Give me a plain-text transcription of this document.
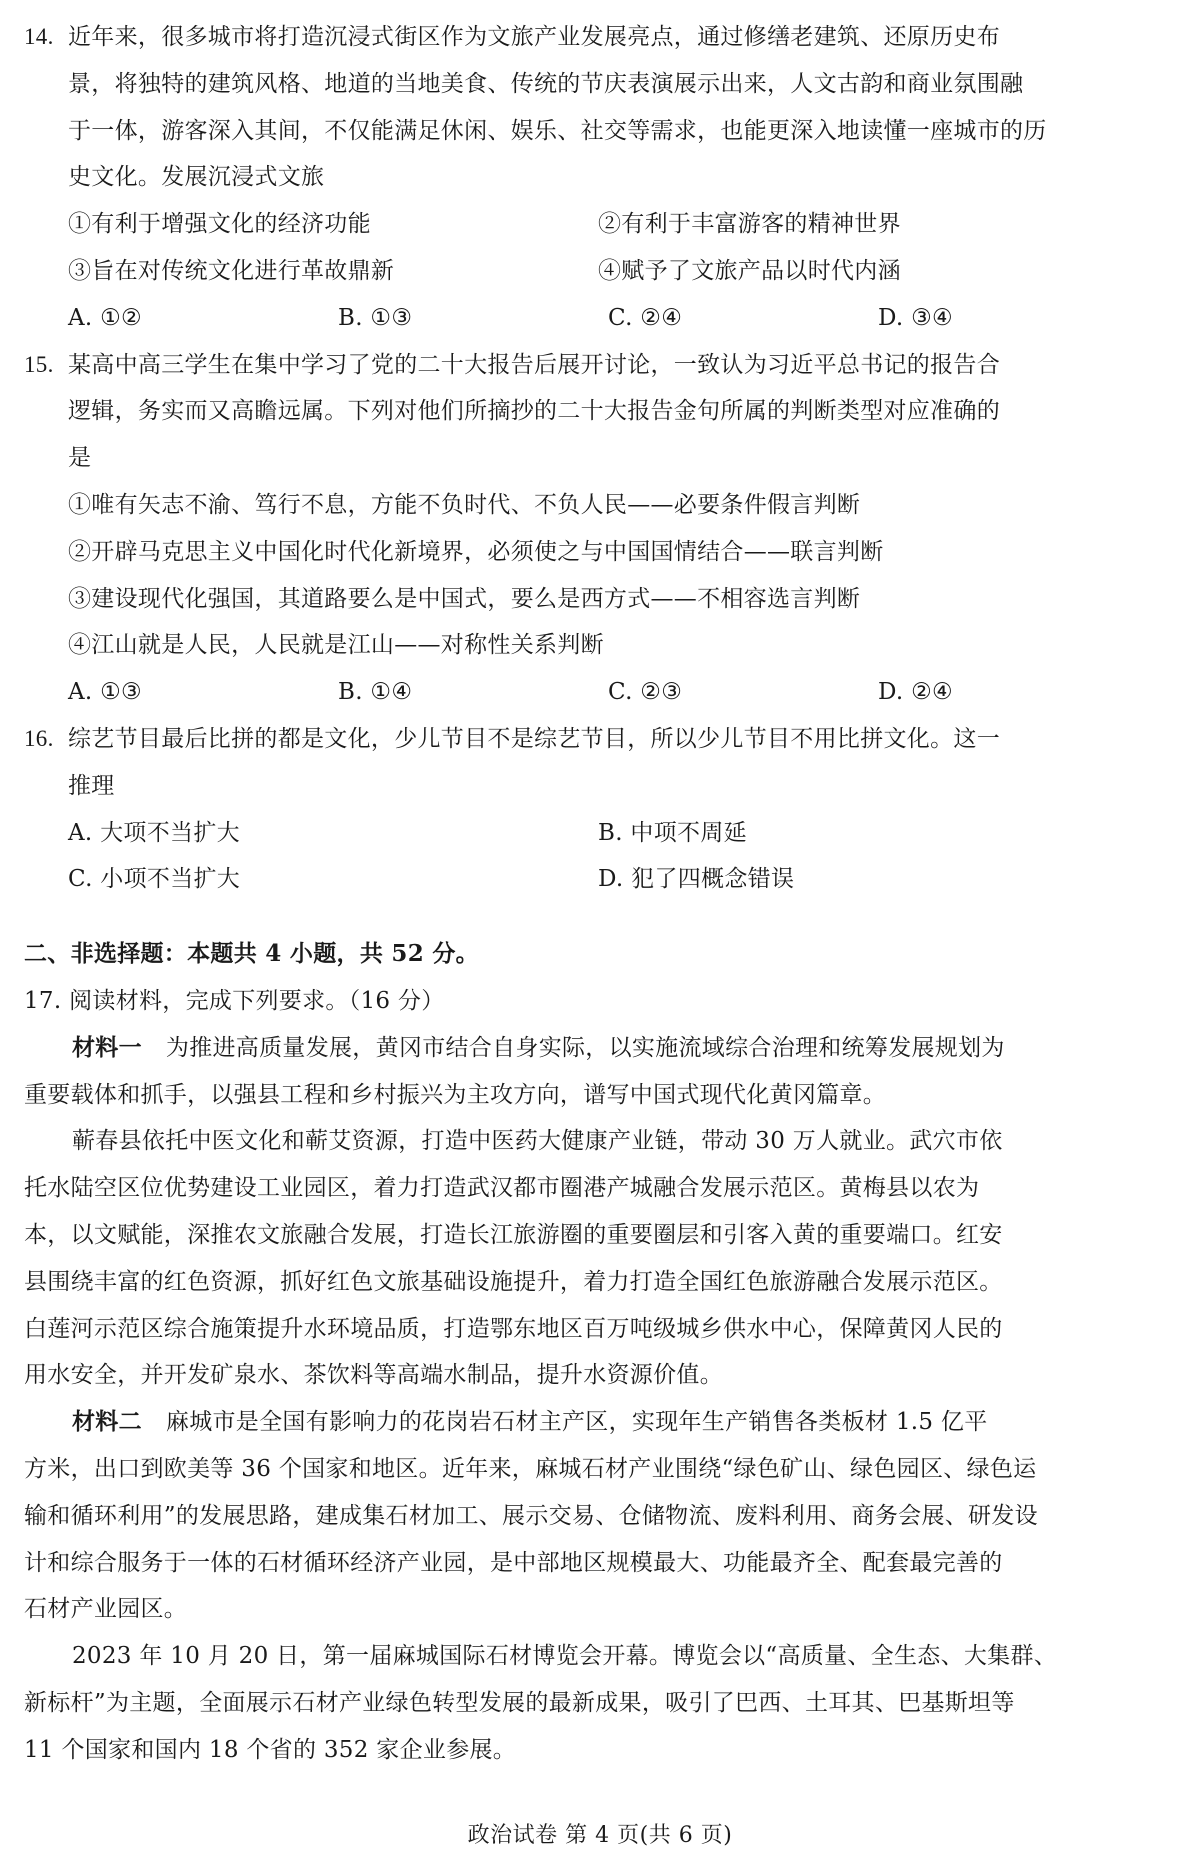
14. 近年来，很多城市将打造沉浸式街区作为文旅产业发展亮点，通过修缮老建筑、还原历史布
景，将独特的建筑风格、地道的当地美食、传统的节庆表演展示出来，人文古韵和商业氛围融
于一体，游客深入其间，不仅能满足休闲、娱乐、社交等需求，也能更深入地读懂一座城市的历
史文化。发展沉浸式文旅
①有利于增强文化的经济功能	②有利于丰富游客的精神世界
③旨在对传统文化进行革故鼎新	④赋予了文旅产品以时代内涵
A. ①②	B. ①③	C. ②④	D. ③④
15. 某高中高三学生在集中学习了党的二十大报告后展开讨论，一致认为习近平总书记的报告合
逻辑，务实而又高瞻远属。下列对他们所摘抄的二十大报告金句所属的判断类型对应准确的
是
①唯有矢志不渝、笃行不息，方能不负时代、不负人民——必要条件假言判断
②开辟马克思主义中国化时代化新境界，必须使之与中国国情结合——联言判断
③建设现代化强国，其道路要么是中国式，要么是西方式——不相容选言判断
④江山就是人民，人民就是江山——对称性关系判断
A. ①③	B. ①④	C. ②③	D. ②④
16. 综艺节目最后比拼的都是文化，少儿节目不是综艺节目，所以少儿节目不用比拼文化。这一
推理
A. 大项不当扩大	B. 中项不周延
C. 小项不当扩大	D. 犯了四概念错误
二、非选择题：本题共 4 小题，共 52 分。
17. 阅读材料，完成下列要求。（16 分）
材料一 为推进高质量发展，黄冈市结合自身实际，以实施流域综合治理和统筹发展规划为
重要载体和抓手，以强县工程和乡村振兴为主攻方向，谱写中国式现代化黄冈篇章。
蕲春县依托中医文化和蕲艾资源，打造中医药大健康产业链，带动 30 万人就业。武穴市依
托水陆空区位优势建设工业园区，着力打造武汉都市圈港产城融合发展示范区。黄梅县以农为
本，以文赋能，深推农文旅融合发展，打造长江旅游圈的重要圈层和引客入黄的重要端口。红安
县围绕丰富的红色资源，抓好红色文旅基础设施提升，着力打造全国红色旅游融合发展示范区。
白莲河示范区综合施策提升水环境品质，打造鄂东地区百万吨级城乡供水中心，保障黄冈人民的
用水安全，并开发矿泉水、茶饮料等高端水制品，提升水资源价值。
材料二 麻城市是全国有影响力的花岗岩石材主产区，实现年生产销售各类板材 1.5 亿平
方米，出口到欧美等 36 个国家和地区。近年来，麻城石材产业围绕“绿色矿山、绿色园区、绿色运
输和循环利用”的发展思路，建成集石材加工、展示交易、仓储物流、废料利用、商务会展、研发设
计和综合服务于一体的石材循环经济产业园，是中部地区规模最大、功能最齐全、配套最完善的
石材产业园区。
2023 年 10 月 20 日，第一届麻城国际石材博览会开幕。博览会以“高质量、全生态、大集群、
新标杆”为主题，全面展示石材产业绿色转型发展的最新成果，吸引了巴西、土耳其、巴基斯坦等
11 个国家和国内 18 个省的 352 家企业参展。
政治试卷 第 4 页(共 6 页)
